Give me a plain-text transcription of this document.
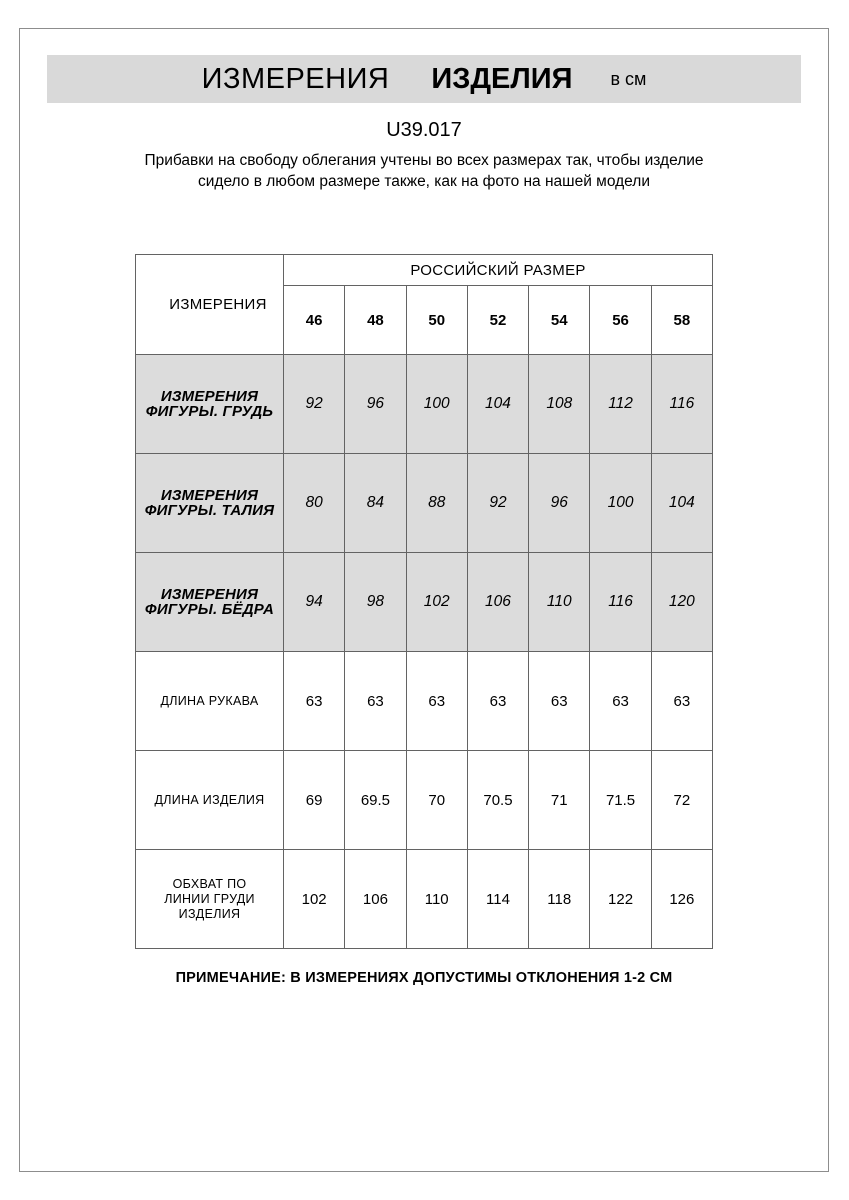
ИЗМЕРЕНИЯ ИЗДЕЛИЯ в см
U39.017
Прибавки на свободу облегания учтены во всех размерах так, чтобы изделие сидело в любом размере также, как на фото на нашей модели
ИЗМЕРЕНИЯ	РОССИЙСКИЙ РАЗМЕР						
	46	48	50	52	54	56	58
ИЗМЕРЕНИЯ
ФИГУРЫ. ГРУДЬ	92	96	100	104	108	112	116
ИЗМЕРЕНИЯ
ФИГУРЫ. ТАЛИЯ	80	84	88	92	96	100	104
ИЗМЕРЕНИЯ
ФИГУРЫ. БЁДРА	94	98	102	106	110	116	120
ДЛИНА РУКАВА	63	63	63	63	63	63	63
ДЛИНА ИЗДЕЛИЯ	69	69.5	70	70.5	71	71.5	72
ОБХВАТ ПО
ЛИНИИ ГРУДИ
ИЗДЕЛИЯ	102	106	110	114	118	122	126
ПРИМЕЧАНИЕ: В ИЗМЕРЕНИЯХ ДОПУСТИМЫ ОТКЛОНЕНИЯ 1-2 СМ
